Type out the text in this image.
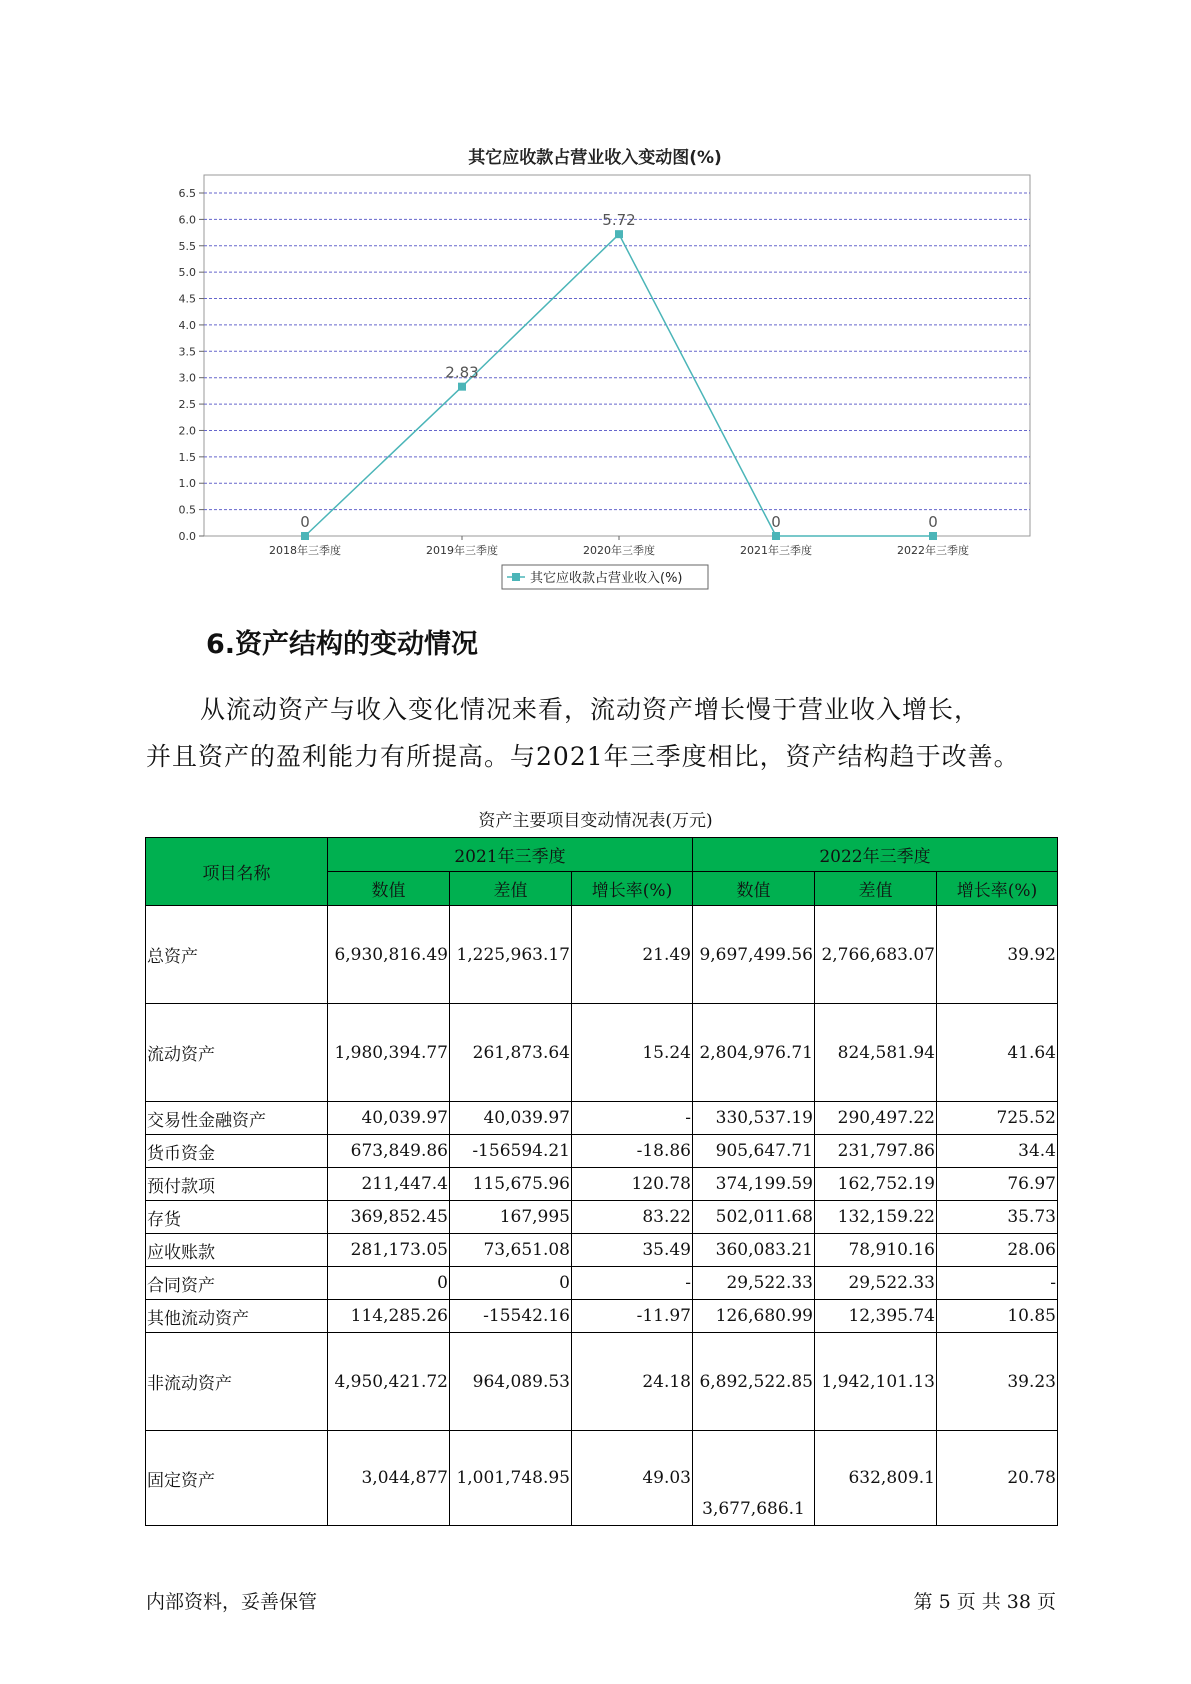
其它应收款占营业收入变动图(%)
0.0
0.5
1.0
1.5
2.0
2.5
3.0
3.5
4.0
4.5
5.0
5.5
6.0
6.5
2018年三季度	2019年三季度	2020年三季度	2021年三季度	2022年三季度
0
2.83
5.72
0	0
其它应收款占营业收入(%)
6.资产结构的变动情况

从流动资产与收入变化情况来看，流动资产增长慢于营业收入增长，

并且资产的盈利能力有所提高。与2021年三季度相比，资产结构趋于改善。

资产主要项目变动情况表(万元)
项目名称	2021年三季度			2022年三季度		
	数值	差值	增长率(%)	数值	差值	增长率(%)
总资产	6,930,816.49	1,225,963.17	21.49	9,697,499.56	2,766,683.07	39.92
流动资产	1,980,394.77	261,873.64	15.24	2,804,976.71	824,581.94	41.64
交易性金融资产	40,039.97	40,039.97	-	330,537.19	290,497.22	725.52
货币资金	673,849.86	-156594.21	-18.86	905,647.71	231,797.86	34.4
预付款项	211,447.4	115,675.96	120.78	374,199.59	162,752.19	76.97
存货	369,852.45	167,995	83.22	502,011.68	132,159.22	35.73
应收账款	281,173.05	73,651.08	35.49	360,083.21	78,910.16	28.06
合同资产	0	0	-	29,522.33	29,522.33	-
其他流动资产	114,285.26	-15542.16	-11.97	126,680.99	12,395.74	10.85
非流动资产	4,950,421.72	964,089.53	24.18	6,892,522.85	1,942,101.13	39.23
固定资产	3,044,877	1,001,748.95	49.03	3,677,686.1	632,809.1	20.78
内部资料，妥善保管	第 5 页 共 38 页
